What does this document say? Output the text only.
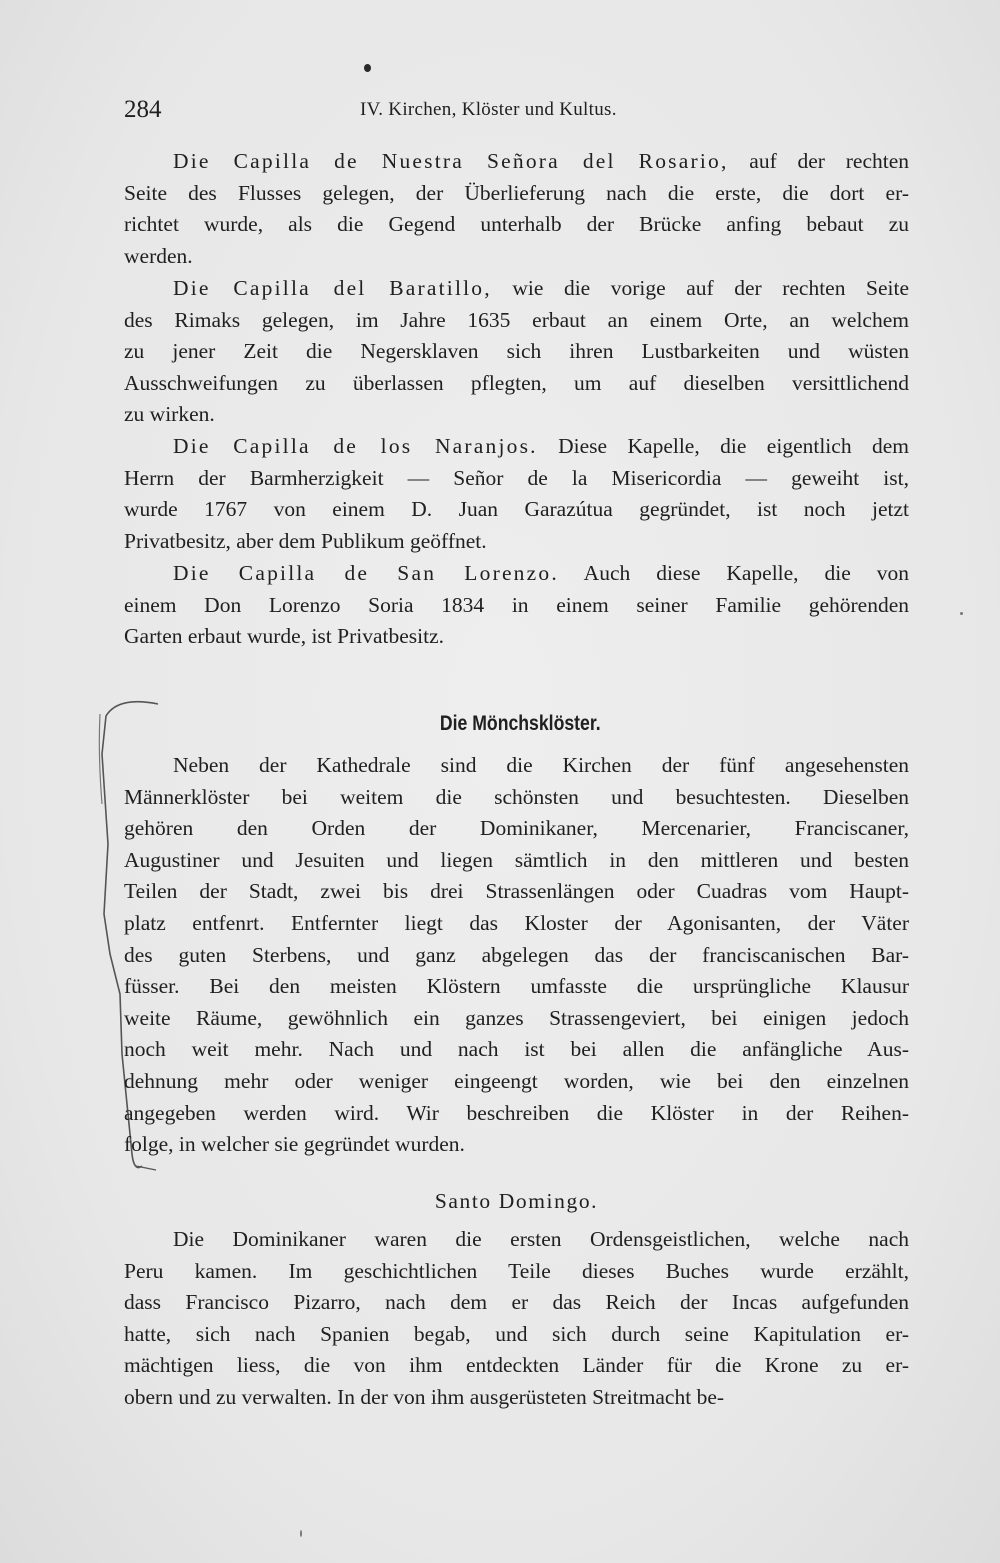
284	IV. Kirchen, Klöster und Kultus.
Die Capilla de Nuestra Señora del Rosario, auf der rechten
Seite des Flusses gelegen, der Überlieferung nach die erste, die dort er-
richtet wurde, als die Gegend unterhalb der Brücke anfing bebaut zu
werden.
Die Capilla del Baratillo, wie die vorige auf der rechten Seite
des Rimaks gelegen, im Jahre 1635 erbaut an einem Orte, an welchem
zu jener Zeit die Negersklaven sich ihren Lustbarkeiten und wüsten
Ausschweifungen zu überlassen pflegten, um auf dieselben versittlichend
zu wirken.
Die Capilla de los Naranjos. Diese Kapelle, die eigentlich dem
Herrn der Barmherzigkeit — Señor de la Misericordia — geweiht ist,
wurde 1767 von einem D. Juan Garazútua gegründet, ist noch jetzt
Privatbesitz, aber dem Publikum geöffnet.
Die Capilla de San Lorenzo. Auch diese Kapelle, die von
einem Don Lorenzo Soria 1834 in einem seiner Familie gehörenden
Garten erbaut wurde, ist Privatbesitz.
Die Mönchsklöster.
Neben der Kathedrale sind die Kirchen der fünf angesehensten
Männerklöster bei weitem die schönsten und besuchtesten. Dieselben
gehören den Orden der Dominikaner, Mercenarier, Franciscaner,
Augustiner und Jesuiten und liegen sämtlich in den mittleren und besten
Teilen der Stadt, zwei bis drei Strassenlängen oder Cuadras vom Haupt-
platz entfenrt. Entfernter liegt das Kloster der Agonisanten, der Väter
des guten Sterbens, und ganz abgelegen das der franciscanischen Bar-
füsser. Bei den meisten Klöstern umfasste die ursprüngliche Klausur
weite Räume, gewöhnlich ein ganzes Strassengeviert, bei einigen jedoch
noch weit mehr. Nach und nach ist bei allen die anfängliche Aus-
dehnung mehr oder weniger eingeengt worden, wie bei den einzelnen
angegeben werden wird. Wir beschreiben die Klöster in der Reihen-
folge, in welcher sie gegründet wurden.
Santo Domingo.
Die Dominikaner waren die ersten Ordensgeistlichen, welche nach
Peru kamen. Im geschichtlichen Teile dieses Buches wurde erzählt,
dass Francisco Pizarro, nach dem er das Reich der Incas aufgefunden
hatte, sich nach Spanien begab, und sich durch seine Kapitulation er-
mächtigen liess, die von ihm entdeckten Länder für die Krone zu er-
obern und zu verwalten. In der von ihm ausgerüsteten Streitmacht be-
